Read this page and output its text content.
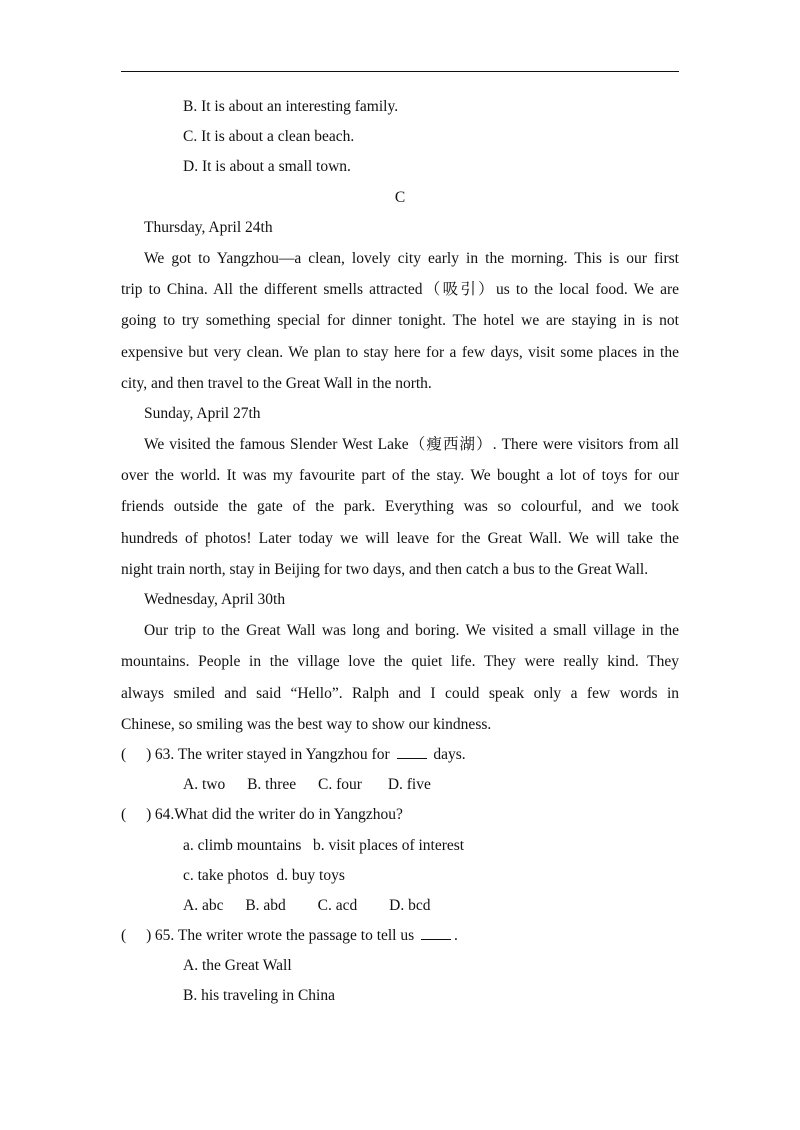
B. It is about an interesting family.
C. It is about a clean beach.
D. It is about a small town.
C
Thursday, April 24th
We got to Yangzhou—a clean, lovely city early in the morning. This is our first
trip to China. All the different smells attracted（吸引）us to the local food. We are
going to try something special for dinner tonight. The hotel we are staying in is not
expensive but very clean. We plan to stay here for a few days, visit some places in the
city, and then travel to the Great Wall in the north.
Sunday, April 27th
We visited the famous Slender West Lake（瘦西湖）. There were visitors from all
over the world. It was my favourite part of the stay. We bought a lot of toys for our
friends outside the gate of the park. Everything was so colourful, and we took
hundreds of photos! Later today we will leave for the Great Wall. We will take the
night train north, stay in Beijing for two days, and then catch a bus to the Great Wall.
Wednesday, April 30th
Our trip to the Great Wall was long and boring. We visited a small village in the
mountains. People in the village love the quiet life. They were really kind. They
always smiled and said “Hello”. Ralph and I could speak only a few words in
Chinese, so smiling was the best way to show our kindness.
( ) 63. The writer stayed in Yangzhou for	days.
A. two B. three C. four D. five
( ) 64.What did the writer do in Yangzhou?
a. climb mountains   b. visit places of interest
c. take photos  d. buy toys
A. abc B. abd C. acd D. bcd
( ) 65. The writer wrote the passage to tell us	.
A. the Great Wall
B. his traveling in China
